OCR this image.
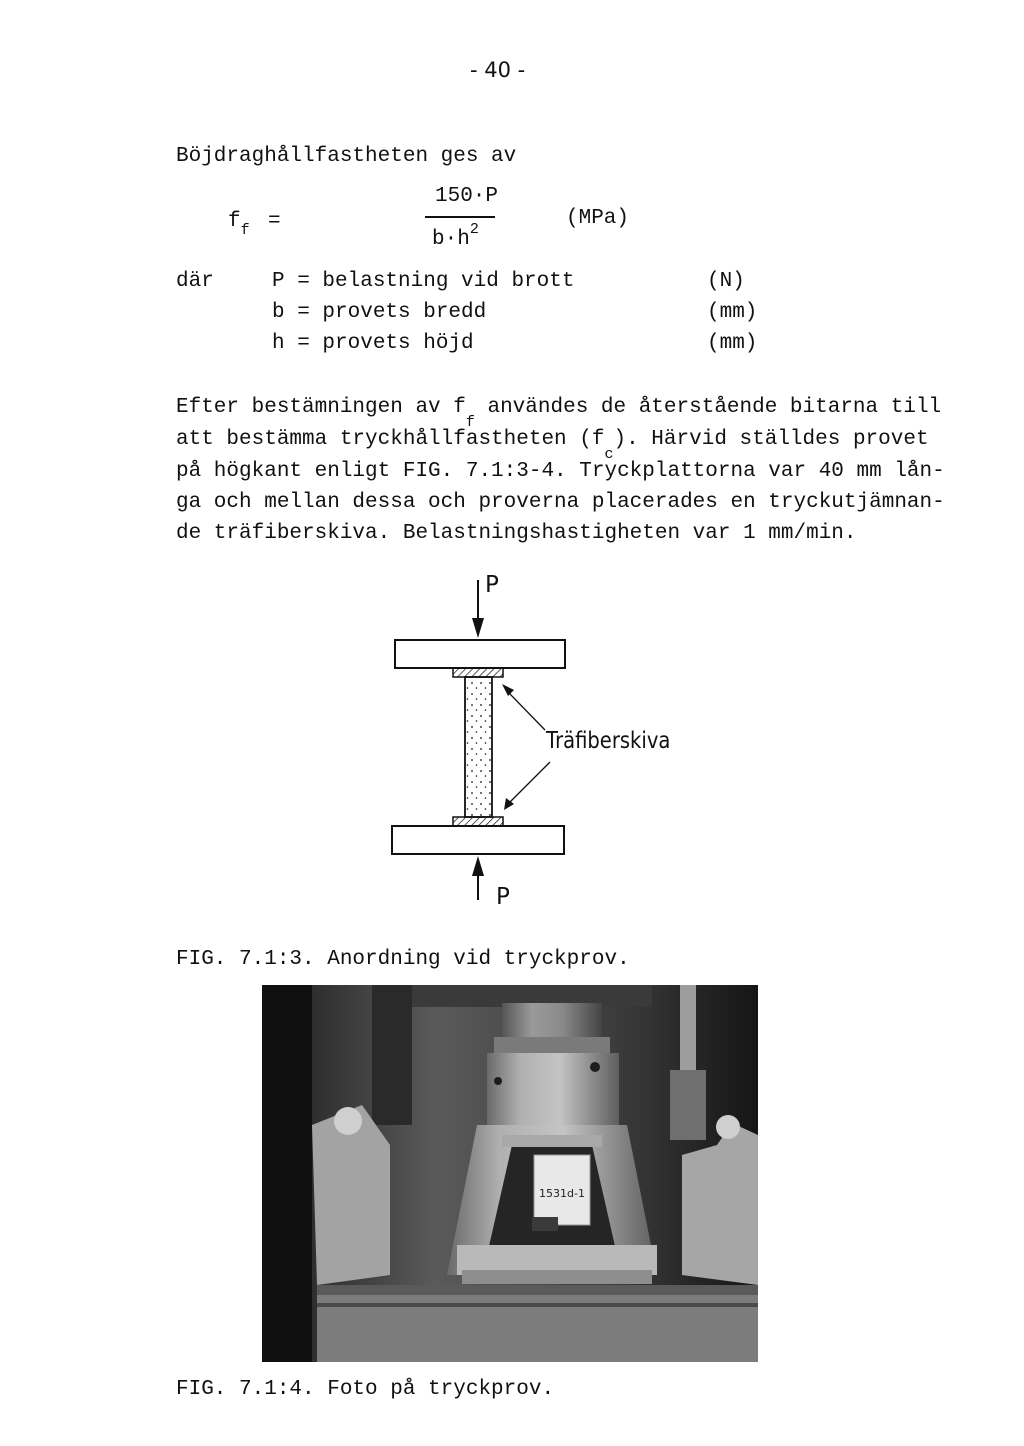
- 40 -
Böjdraghållfastheten ges av
$f_f$ =
150·P
$b\cdot h^2$	(MPa)
där	P = belastning vid brott	(N)
b = provets bredd	(mm)
h = provets höjd	(mm)
Efter bestämningen av $f_f$ användes de återstående bitarna till
att bestämma tryckhållfastheten $(f_c)$. Härvid ställdes provet
på högkant enligt FIG. 7.1:3-4. Tryckplattorna var 40 mm lån-
ga och mellan dessa och proverna placerades en tryckutjämnan-
de träfiberskiva. Belastningshastigheten var 1 mm/min.
P
P
Träfiberskiva
FIG. 7.1:3. Anordning vid tryckprov.
1531d-1
FIG. 7.1:4. Foto på tryckprov.
